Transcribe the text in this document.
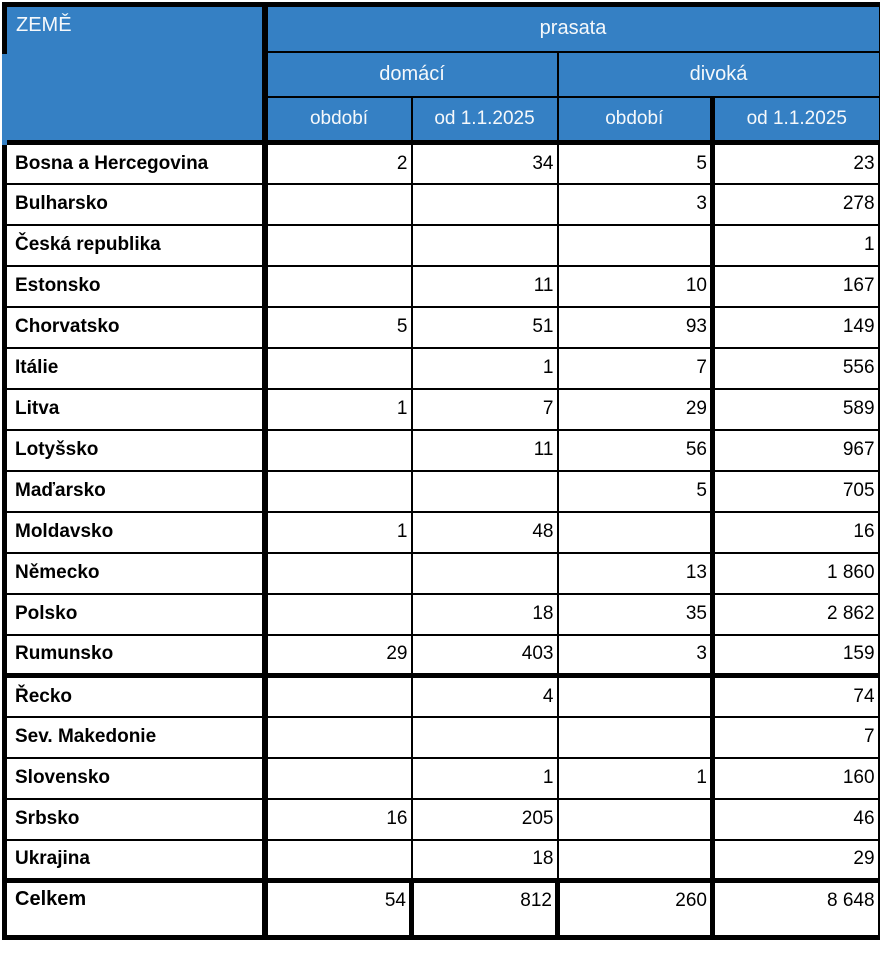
ZEMĚ	prasata			
	domácí		divoká	
	období	od 1.1.2025	období	od 1.1.2025
Bosna a Hercegovina	2	34	5	23
Bulharsko			3	278
Česká republika				1
Estonsko		11	10	167
Chorvatsko	5	51	93	149
Itálie		1	7	556
Litva	1	7	29	589
Lotyšsko		11	56	967
Maďarsko			5	705
Moldavsko	1	48		16
Německo			13	1 860
Polsko		18	35	2 862
Rumunsko	29	403	3	159
Řecko		4		74
Sev. Makedonie				7
Slovensko		1	1	160
Srbsko	16	205		46
Ukrajina		18		29
Celkem	54	812	260	8 648
